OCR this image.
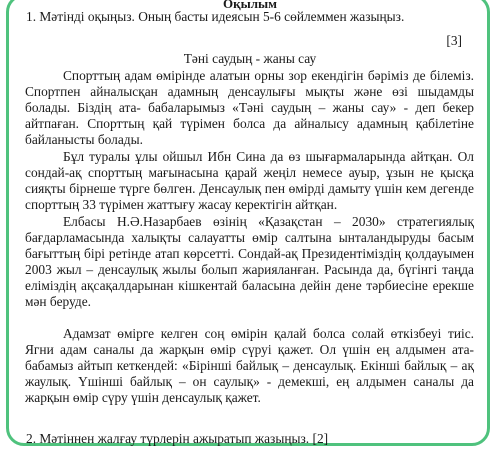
Оқылым
1. Мәтінді оқыңыз. Оның басты идеясын 5-6 сөйлеммен жазыңыз.
[3]
Тәні саудың - жаны сау

Спорттың адам өміріндe алатын орны зор екендігін бәріміз де білеміз. Спортпен айналысқан адамның денсаулығы мықты және өзі шыдамды болады. Біздің ата- бабаларымыз «Тәні саудың – жаны сау» - деп бекер айтпаған. Спорттың қай түрімен болса да айналысу адамның қабілетіне байланысты болады.

Бұл туралы ұлы ойшыл Ибн Сина да өз шығармаларында айтқан. Ол сондай-ақ спорттың мағынасына қарай жеңіл немесе ауыр, ұзын не қысқа сияқты бірнеше түрге бөлген. Денсаулық пен өмірді дамыту үшін кем дегенде спорттың 33 түрімен жаттығу жасау керектігін айтқан.

Елбасы Н.Ә.Назарбаев өзінің «Қазақстан – 2030» стратегиялық бағдарламасында халықты салауатты өмір салтына ынталандыруды басым бағыттың бірі ретінде атап көрсетті. Сондай-ақ Президентіміздің қолдауымен 2003 жыл – денсаулық жылы болып жарияланған. Расында да, бүгінгі таңда еліміздің ақсақалдарынан кішкентай баласына дейін дене тәрбиесіне ерекше мән беруде.

Адамзат өмірге келген соң өмірін қалай болса солай өткізбеуі тиіс. Ягни адам саналы да жарқын өмір сүруі қажет. Ол үшін ең алдымен ата-бабамыз айтып кеткендей: «Бірінші байлық – денсаулық. Екінші байлық – ақ жаулық. Үшінші байлық – он саулық» - демекші, ең алдымен саналы да жарқын өмір сүру үшін денсаулық қажет.

2. Мәтіннен жалғау түрлерін ажыратып жазыңыз. [2]
